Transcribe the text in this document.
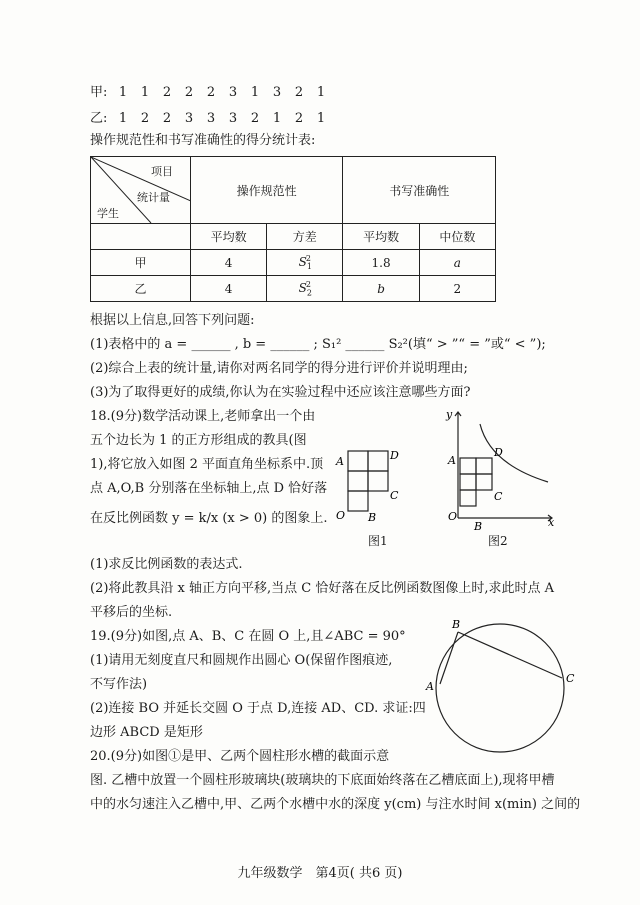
甲: 1 1 2 2 2 3 1 3 2 1
乙: 1 2 2 3 3 3 2 1 2 1
操作规范性和书写准确性的得分统计表:
项目
统计量
学生	操作规范性		书写准确性	

	平均数	方差	平均数	中位数
甲	4	$S_1^2$	1.8	a
乙	4	$S_2^2$	b	2
根据以上信息,回答下列问题:
(1)表格中的 a = ______ , b = ______ ; S₁² ______ S₂²(填“ > ”“ = ”或“ < ”);
(2)综合上表的统计量,请你对两名同学的得分进行评价并说明理由;
(3)为了取得更好的成绩,你认为在实验过程中还应该注意哪些方面?
18.(9分)数学活动课上,老师拿出一个由
五个边长为 1 的正方形组成的教具(图
1),将它放入如图 2 平面直角坐标系中.顶
点 A,O,B 分别落在坐标轴上,点 D 恰好落
在反比例函数 y = k/x (x > 0) 的图象上.
A	D
C
O B
图1
y
x
A
D
C
O
B
图2
(1)求反比例函数的表达式.
(2)将此教具沿 x 轴正方向平移,当点 C 恰好落在反比例函数图像上时,求此时点 A
平移后的坐标.
19.(9分)如图,点 A、B、C 在圆 O 上,且∠ABC = 90°
(1)请用无刻度直尺和圆规作出圆心 O(保留作图痕迹,
不写作法)
(2)连接 BO 并延长交圆 O 于点 D,连接 AD、CD. 求证:四
边形 ABCD 是矩形
B
A
C
20.(9分)如图①是甲、乙两个圆柱形水槽的截面示意
图. 乙槽中放置一个圆柱形玻璃块(玻璃块的下底面始终落在乙槽底面上),现将甲槽
中的水匀速注入乙槽中,甲、乙两个水槽中水的深度 y(cm) 与注水时间 x(min) 之间的
九年级数学　第4页( 共6 页)
